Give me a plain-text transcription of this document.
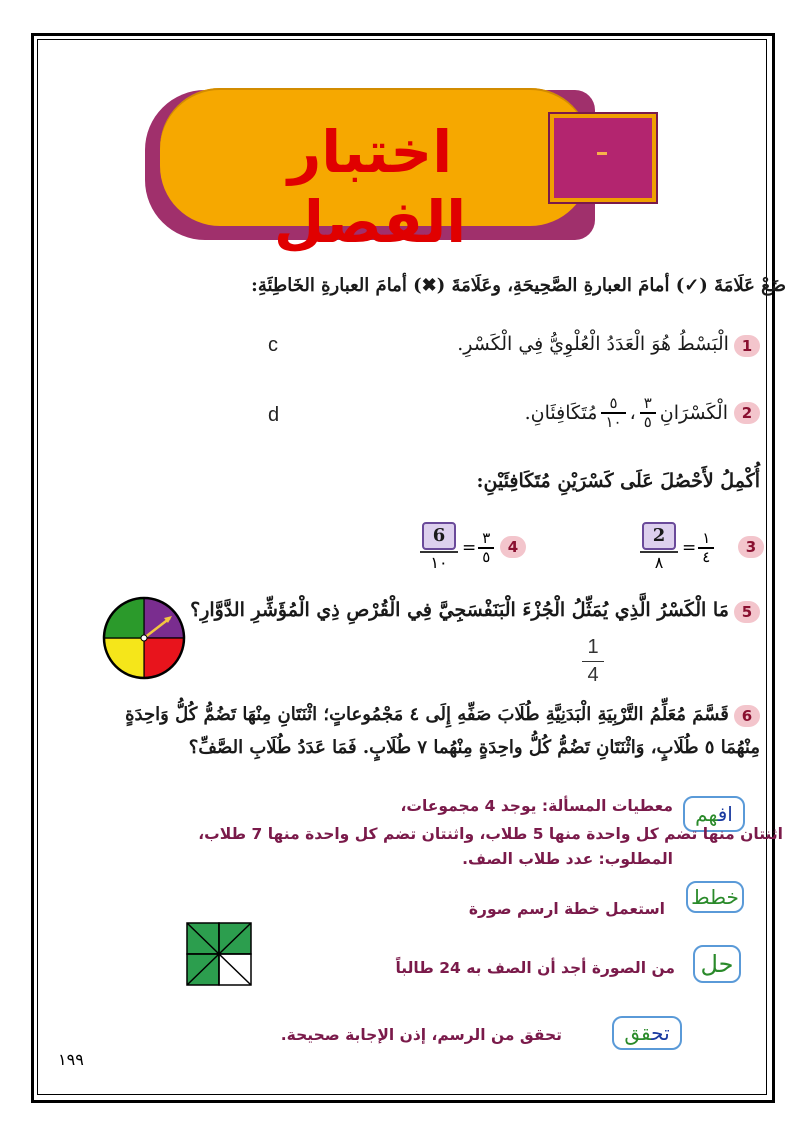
اختبار الفصل
ضَعْ عَلَامَةَ (✓) أمامَ العبارةِ الصَّحِيحَةِ، وعَلَامَةَ (✖) أمامَ العبارةِ الخَاطِئَةِ:
1 الْبَسْطُ هُوَ الْعَدَدُ الْعُلْوِيُّ فِي الْكَسْرِ.
c
2
الْكَسْرَانِ
$\frac{٣}{٥}$
،
$\frac{٥}{١٠}$
مُتَكَافِئَانِ.
d
أُكْمِلُ لأَحْصُلَ عَلَى كَسْرَيْنِ مُتَكَافِئَيْنِ:
3
2
٨
= $\frac{١}{٤}$
4
6
١٠
= $\frac{٣}{٥}$
5 مَا الْكَسْرُ الَّذِي يُمَثِّلُ الْجُزْءَ الْبَنَفْسَجِيَّ فِي الْقُرْصِ ذِي الْمُؤَشِّرِ الدَّوَّارِ؟
1
4
6 قَسَّمَ مُعَلِّمُ التَّرْبِيَةِ الْبَدَنِيَّةِ طُلَابَ صَفِّهِ إِلَى ٤ مَجْمُوعاتٍ؛ اثْنَتَانِ مِنْهَا تَضُمُّ كُلُّ وَاحِدَةٍ
مِنْهُمَا ٥ طُلَابٍ، وَاثْنَتَانِ تَضُمُّ كُلُّ واحِدَةٍ مِنْهُما ٧ طُلَابٍ. فَمَا عَدَدُ طُلَابِ الصَّفِّ؟
افهم
معطيات المسألة: يوجد 4 مجموعات،
اثنتان منها تضم كل واحدة منها 5 طلاب، واثنتان تضم كل واحدة منها 7 طلاب،
المطلوب: عدد طلاب الصف.
خطط
استعمل خطة ارسم صورة
حل
من الصورة أجد أن الصف به 24 طالباً
تحقق
تحقق من الرسم، إذن الإجابة صحيحة.
١٩٩
